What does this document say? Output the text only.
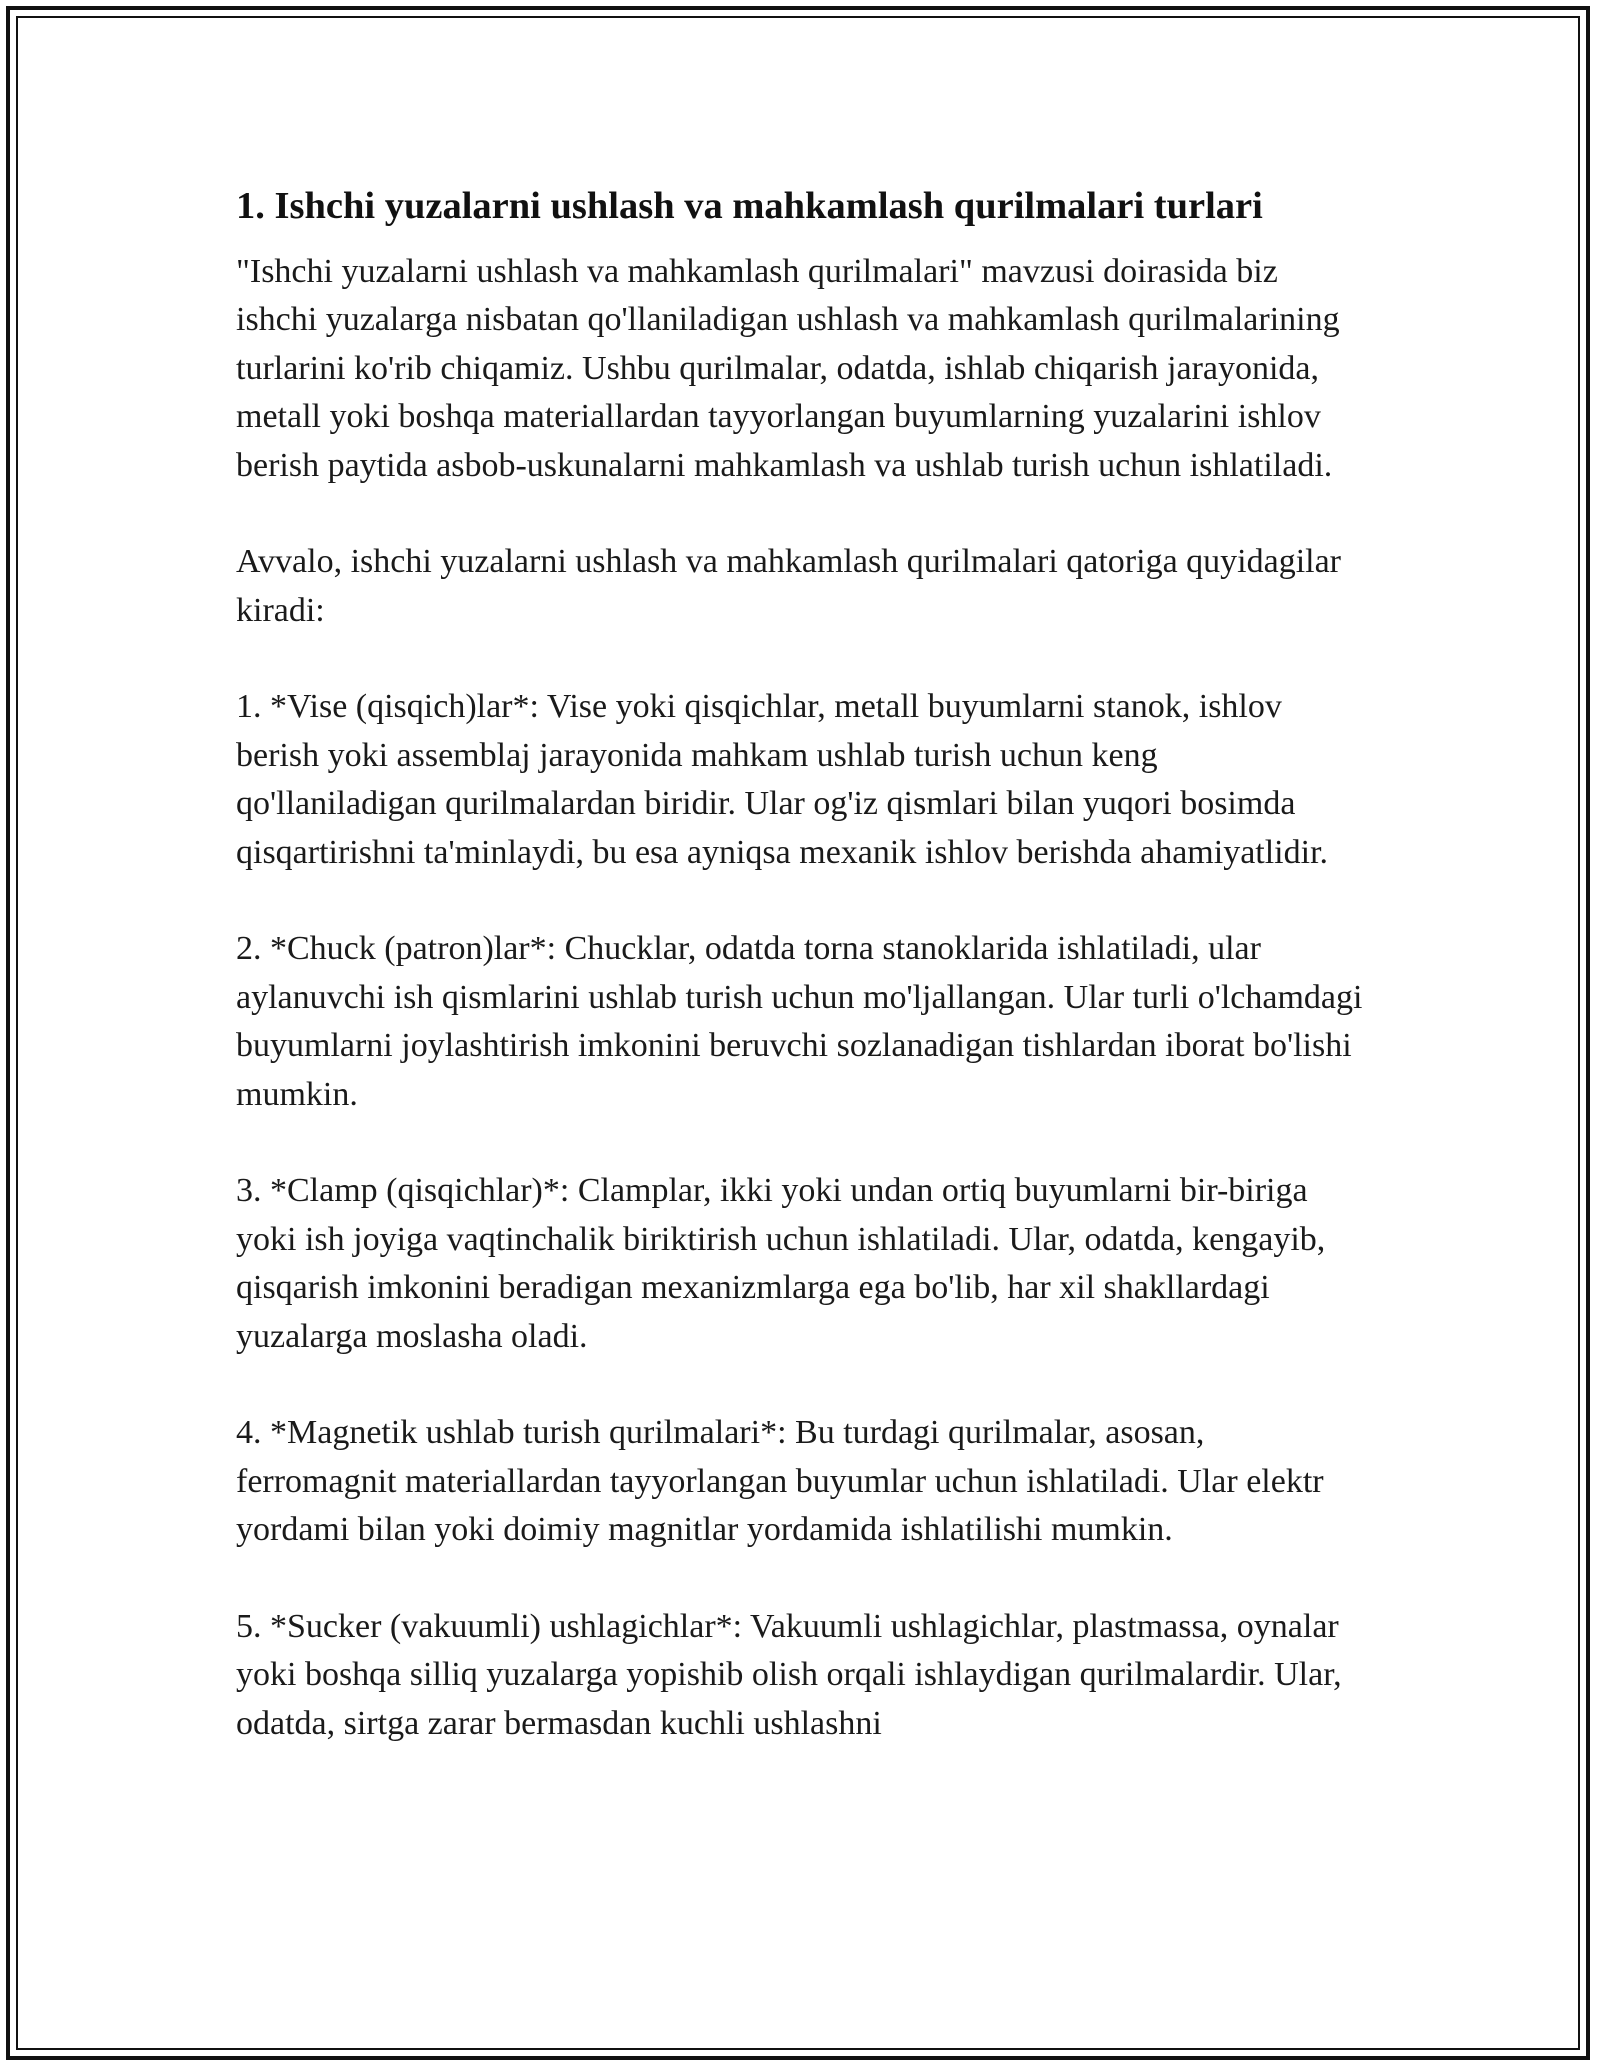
1. Ishchi yuzalarni ushlash va mahkamlash qurilmalari turlari

"Ishchi yuzalarni ushlash va mahkamlash qurilmalari" mavzusi doirasida biz ishchi yuzalarga nisbatan qo'llaniladigan ushlash va mahkamlash qurilmalarining turlarini ko'rib chiqamiz. Ushbu qurilmalar, odatda, ishlab chiqarish jarayonida, metall yoki boshqa materiallardan tayyorlangan buyumlarning yuzalarini ishlov berish paytida asbob-uskunalarni mahkamlash va ushlab turish uchun ishlatiladi.

Avvalo, ishchi yuzalarni ushlash va mahkamlash qurilmalari qatoriga quyidagilar kiradi:

1. *Vise (qisqich)lar*: Vise yoki qisqichlar, metall buyumlarni stanok, ishlov berish yoki assemblaj jarayonida mahkam ushlab turish uchun keng qo'llaniladigan qurilmalardan biridir. Ular og'iz qismlari bilan yuqori bosimda qisqartirishni ta'minlaydi, bu esa ayniqsa mexanik ishlov berishda ahamiyatlidir.

2. *Chuck (patron)lar*: Chucklar, odatda torna stanoklarida ishlatiladi, ular aylanuvchi ish qismlarini ushlab turish uchun mo'ljallangan. Ular turli o'lchamdagi buyumlarni joylashtirish imkonini beruvchi sozlanadigan tishlardan iborat bo'lishi mumkin.

3. *Clamp (qisqichlar)*: Clamplar, ikki yoki undan ortiq buyumlarni bir-biriga yoki ish joyiga vaqtinchalik biriktirish uchun ishlatiladi. Ular, odatda, kengayib, qisqarish imkonini beradigan mexanizmlarga ega bo'lib, har xil shakllardagi yuzalarga moslasha oladi.

4. *Magnetik ushlab turish qurilmalari*: Bu turdagi qurilmalar, asosan, ferromagnit materiallardan tayyorlangan buyumlar uchun ishlatiladi. Ular elektr yordami bilan yoki doimiy magnitlar yordamida ishlatilishi mumkin.

5. *Sucker (vakuumli) ushlagichlar*: Vakuumli ushlagichlar, plastmassa, oynalar yoki boshqa silliq yuzalarga yopishib olish orqali ishlaydigan qurilmalardir. Ular, odatda, sirtga zarar bermasdan kuchli ushlashni
